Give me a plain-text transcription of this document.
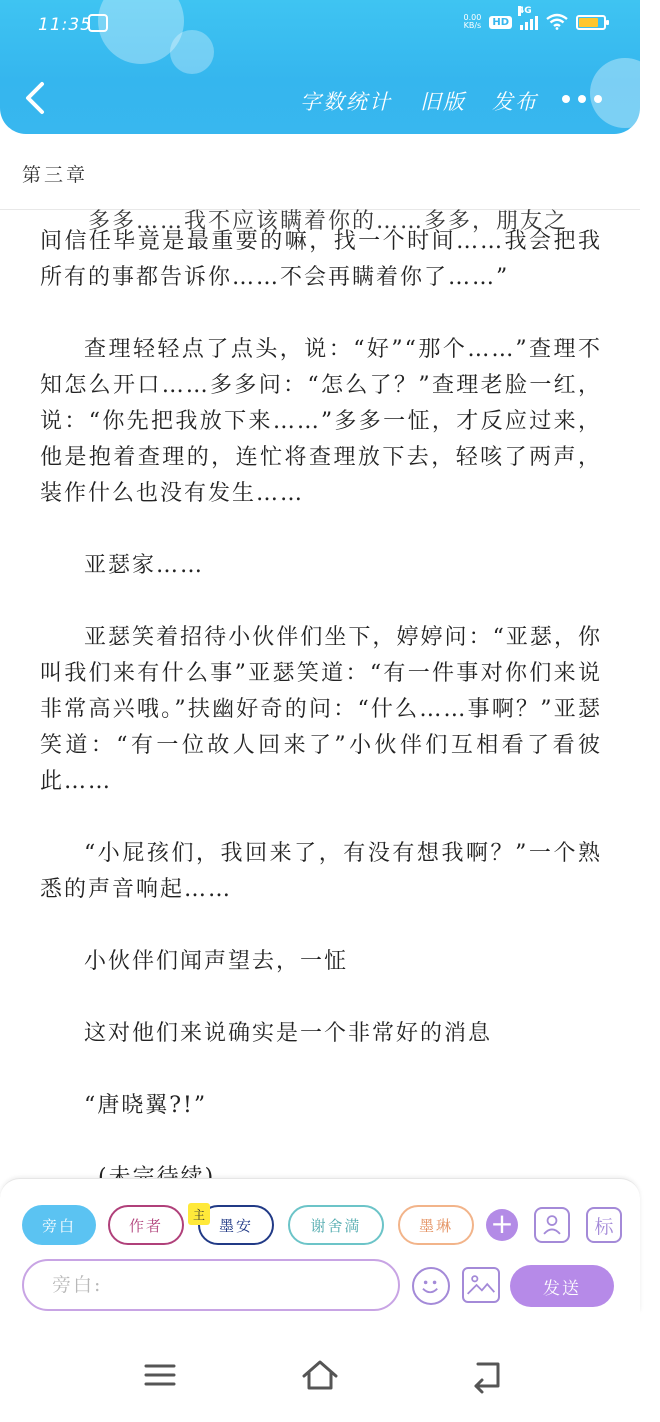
11:35	0.00
KB/s	HD
4G
字数统计	旧版	发布
第三章
　　多多……我不应该瞒着你的……多多，朋友之

间信任毕竟是最重要的嘛，找一个时间……我会把我所有的事都告诉你……不会再瞒着你了……”

查理轻轻点了点头，说：“好”“那个……”查理不知怎么开口……多多问：“怎么了？”查理老脸一红，说：“你先把我放下来……”多多一怔，才反应过来，他是抱着查理的，连忙将查理放下去，轻咳了两声，装作什么也没有发生……

亚瑟家……

亚瑟笑着招待小伙伴们坐下，婷婷问：“亚瑟，你叫我们来有什么事”亚瑟笑道：“有一件事对你们来说非常高兴哦。”扶幽好奇的问：“什么……事啊？”亚瑟笑道：“有一位故人回来了”小伙伴们互相看了看彼此……

“小屁孩们，我回来了，有没有想我啊？”一个熟悉的声音响起……

小伙伴们闻声望去，一怔

这对他们来说确实是一个非常好的消息

“唐晓翼?!”

旁白	作者	墨安
主
谢舍満	墨琳	+	标
旁白:
发送
